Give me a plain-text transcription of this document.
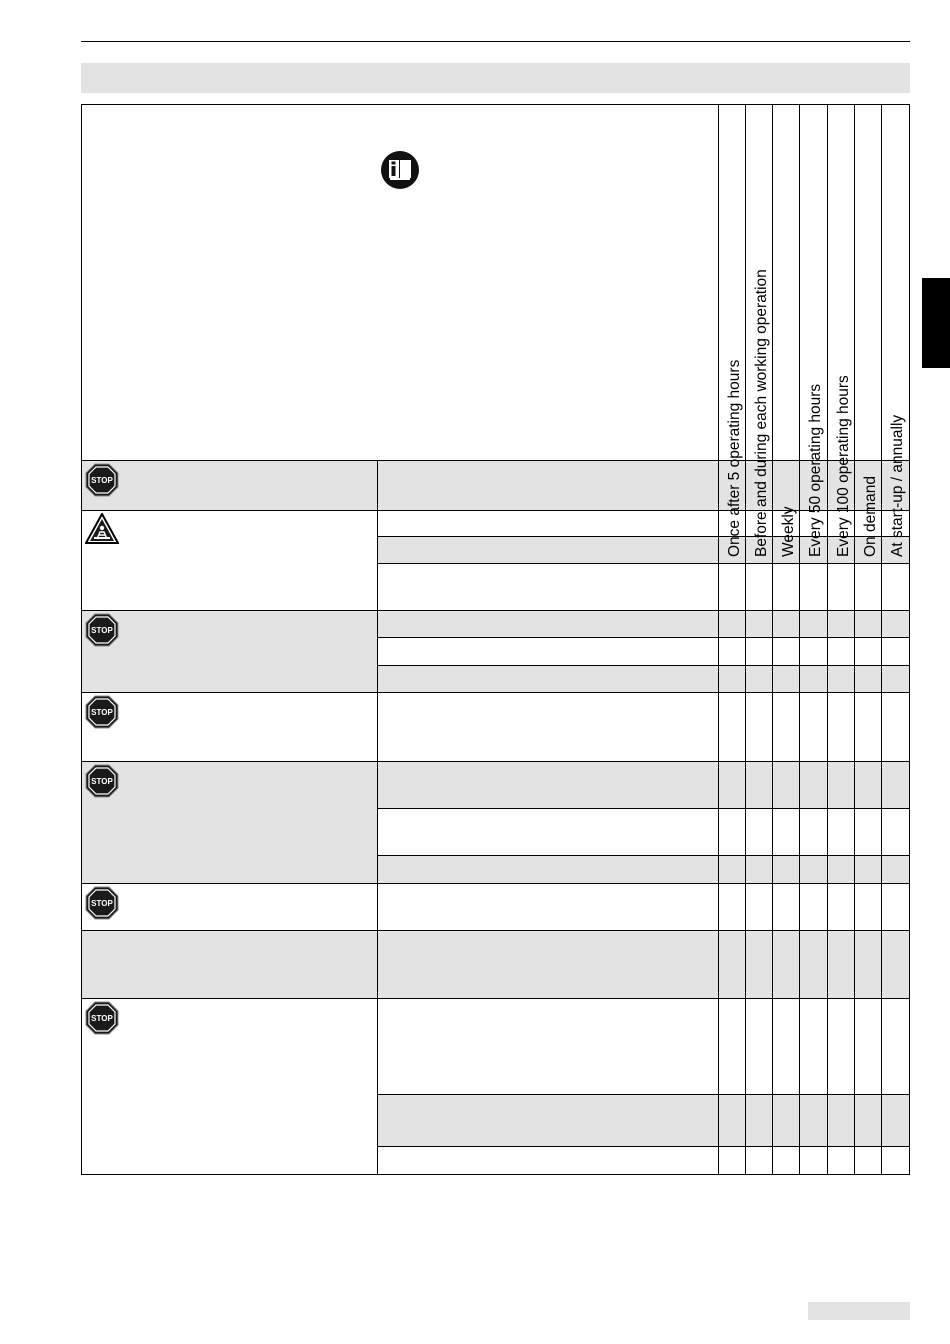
Once after 5 operating hours Before and during each working operation Weekly Every 50 operating hours Every 100 operating hours On demand At start-up / annually
STOP
STOP
STOP
STOP
STOP
STOP
